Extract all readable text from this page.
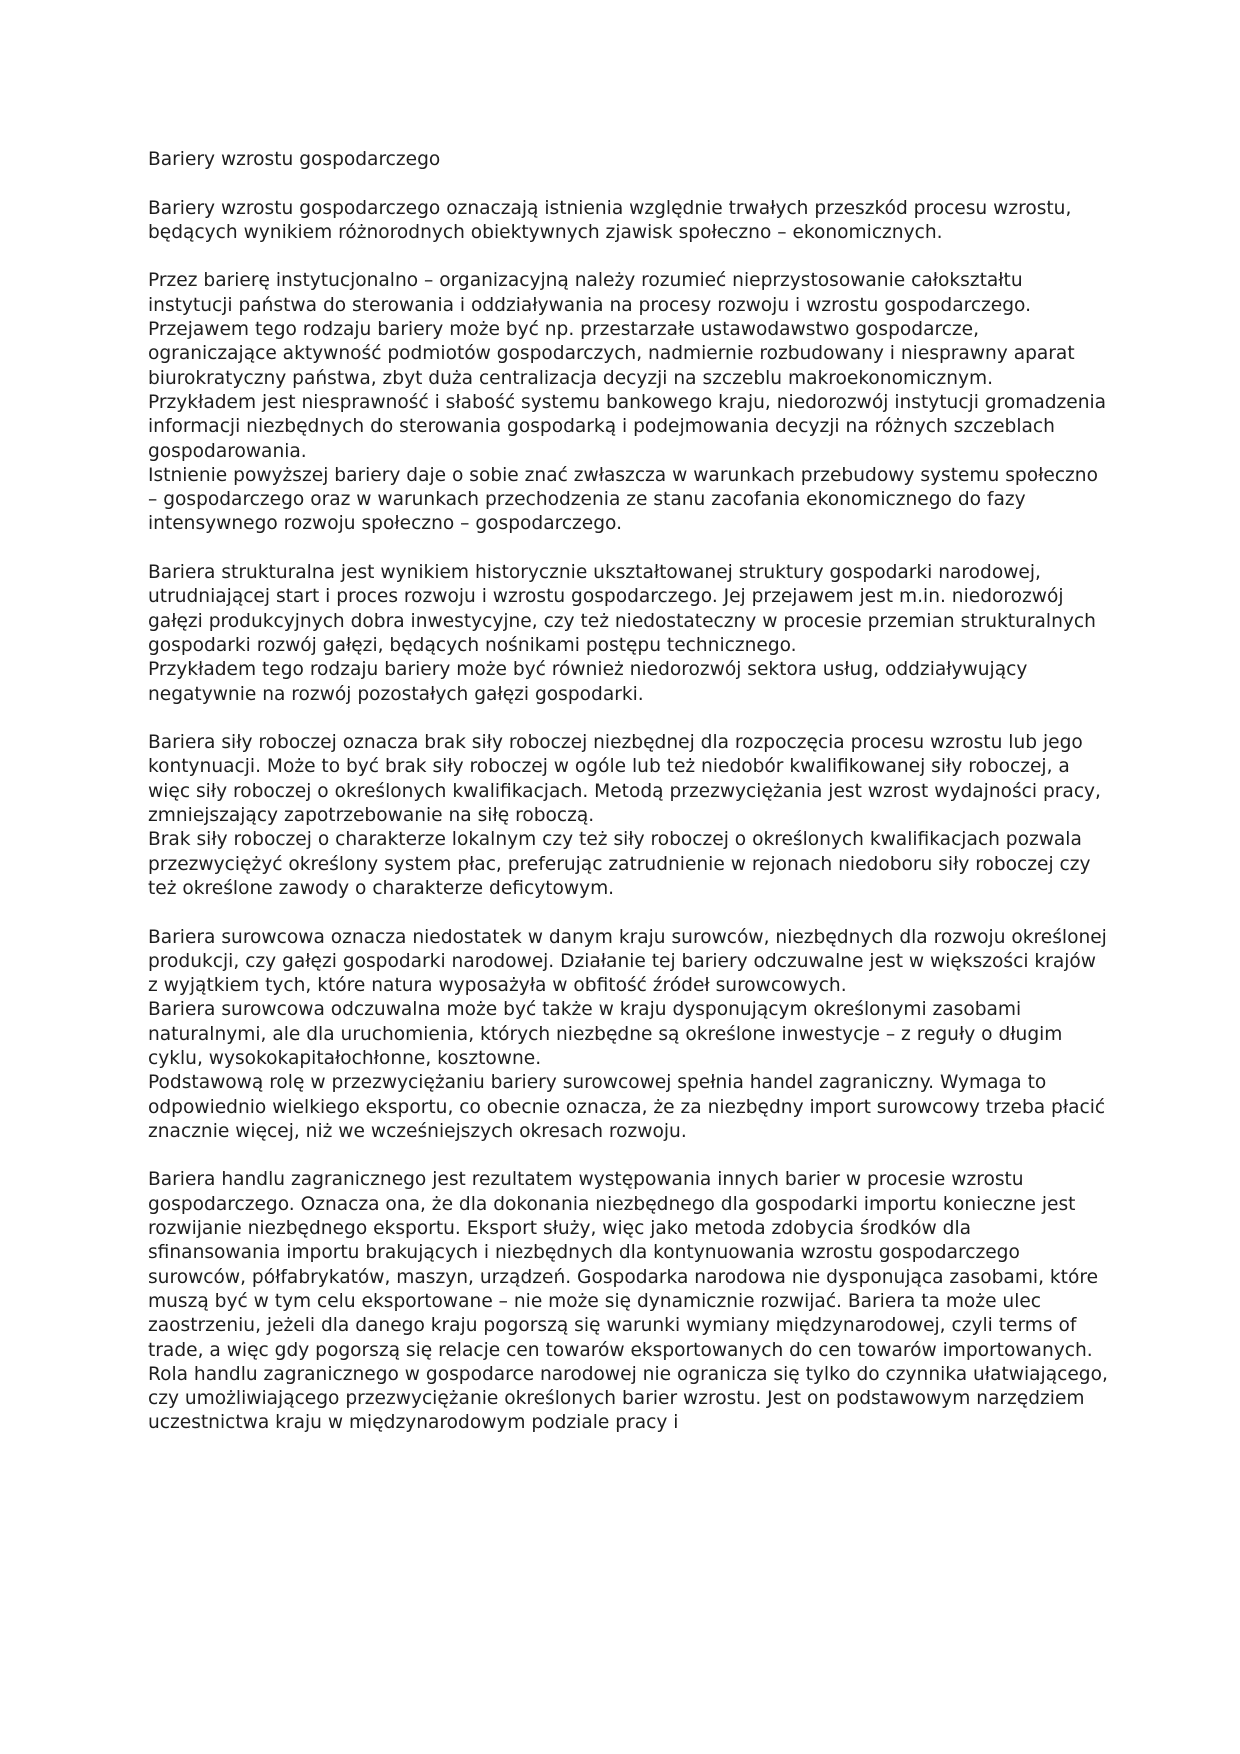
Bariery wzrostu gospodarczego

Bariery wzrostu gospodarczego oznaczają istnienia względnie trwałych przeszkód procesu wzrostu, będących wynikiem różnorodnych obiektywnych zjawisk społeczno – ekonomicznych.
Przez barierę instytucjonalno – organizacyjną należy rozumieć nieprzystosowanie całokształtu instytucji państwa do sterowania i oddziaływania na procesy rozwoju i wzrostu gospodarczego. Przejawem tego rodzaju bariery może być np. przestarzałe ustawodawstwo gospodarcze, ograniczające aktywność podmiotów gospodarczych, nadmiernie rozbudowany i niesprawny aparat biurokratyczny państwa, zbyt duża centralizacja decyzji na szczeblu makroekonomicznym.
Przykładem jest niesprawność i słabość systemu bankowego kraju, niedorozwój instytucji gromadzenia informacji niezbędnych do sterowania gospodarką i podejmowania decyzji na różnych szczeblach gospodarowania.
Istnienie powyższej bariery daje o sobie znać zwłaszcza w warunkach przebudowy systemu społeczno – gospodarczego oraz w warunkach przechodzenia ze stanu zacofania ekonomicznego do fazy intensywnego rozwoju społeczno – gospodarczego.
Bariera strukturalna jest wynikiem historycznie ukształtowanej struktury gospodarki narodowej, utrudniającej start i proces rozwoju i wzrostu gospodarczego. Jej przejawem jest m.in. niedorozwój gałęzi produkcyjnych dobra inwestycyjne, czy też niedostateczny w procesie przemian strukturalnych gospodarki rozwój gałęzi, będących nośnikami postępu technicznego.
Przykładem tego rodzaju bariery może być również niedorozwój sektora usług, oddziaływujący negatywnie na rozwój pozostałych gałęzi gospodarki.
Bariera siły roboczej oznacza brak siły roboczej niezbędnej dla rozpoczęcia procesu wzrostu lub jego kontynuacji. Może to być brak siły roboczej w ogóle lub też niedobór kwalifikowanej siły roboczej, a więc siły roboczej o określonych kwalifikacjach. Metodą przezwyciężania jest wzrost wydajności pracy, zmniejszający zapotrzebowanie na siłę roboczą.
Brak siły roboczej o charakterze lokalnym czy też siły roboczej o określonych kwalifikacjach pozwala przezwyciężyć określony system płac, preferując zatrudnienie w rejonach niedoboru siły roboczej czy też określone zawody o charakterze deficytowym.
Bariera surowcowa oznacza niedostatek w danym kraju surowców, niezbędnych dla rozwoju określonej produkcji, czy gałęzi gospodarki narodowej. Działanie tej bariery odczuwalne jest w większości krajów z wyjątkiem tych, które natura wyposażyła w obfitość źródeł surowcowych.
Bariera surowcowa odczuwalna może być także w kraju dysponującym określonymi zasobami naturalnymi, ale dla uruchomienia, których niezbędne są określone inwestycje – z reguły o długim cyklu, wysokokapitałochłonne, kosztowne.
Podstawową rolę w przezwyciężaniu bariery surowcowej spełnia handel zagraniczny. Wymaga to odpowiednio wielkiego eksportu, co obecnie oznacza, że za niezbędny import surowcowy trzeba płacić znacznie więcej, niż we wcześniejszych okresach rozwoju.
Bariera handlu zagranicznego jest rezultatem występowania innych barier w procesie wzrostu gospodarczego. Oznacza ona, że dla dokonania niezbędnego dla gospodarki importu konieczne jest rozwijanie niezbędnego eksportu. Eksport służy, więc jako metoda zdobycia środków dla sfinansowania importu brakujących i niezbędnych dla kontynuowania wzrostu gospodarczego surowców, półfabrykatów, maszyn, urządzeń. Gospodarka narodowa nie dysponująca zasobami, które muszą być w tym celu eksportowane – nie może się dynamicznie rozwijać. Bariera ta może ulec zaostrzeniu, jeżeli dla danego kraju pogorszą się warunki wymiany międzynarodowej, czyli terms of trade, a więc gdy pogorszą się relacje cen towarów eksportowanych do cen towarów importowanych.
Rola handlu zagranicznego w gospodarce narodowej nie ogranicza się tylko do czynnika ułatwiającego, czy umożliwiającego przezwyciężanie określonych barier wzrostu. Jest on podstawowym narzędziem uczestnictwa kraju w międzynarodowym podziale pracy i
